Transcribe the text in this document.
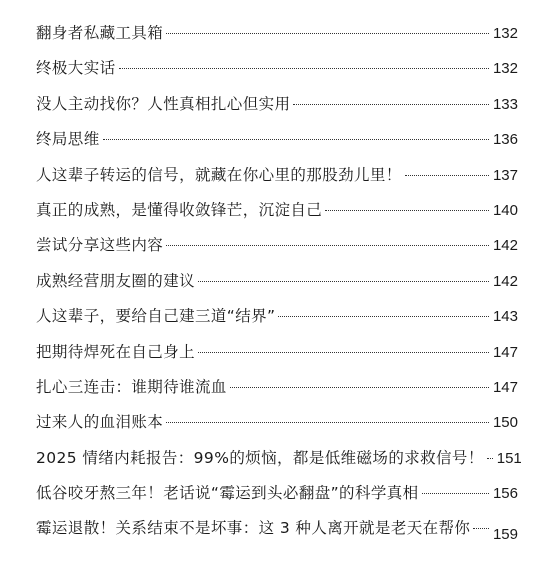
翻身者私藏工具箱	132
终极大实话	132
没人主动找你？人性真相扎心但实用	133
终局思维	136
人这辈子转运的信号，就藏在你心里的那股劲儿里！	137
真正的成熟，是懂得收敛锋芒，沉淀自己	140
尝试分享这些内容	142
成熟经营朋友圈的建议	142
人这辈子，要给自己建三道“结界”	143
把期待焊死在自己身上	147
扎心三连击：谁期待谁流血	147
过来人的血泪账本	150
2025 情绪内耗报告：99%的烦恼，都是低维磁场的求救信号！ 151
低谷咬牙熬三年！老话说“霉运到头必翻盘”的科学真相	156
霉运退散！关系结束不是坏事：这 3 种人离开就是老天在帮你 159
